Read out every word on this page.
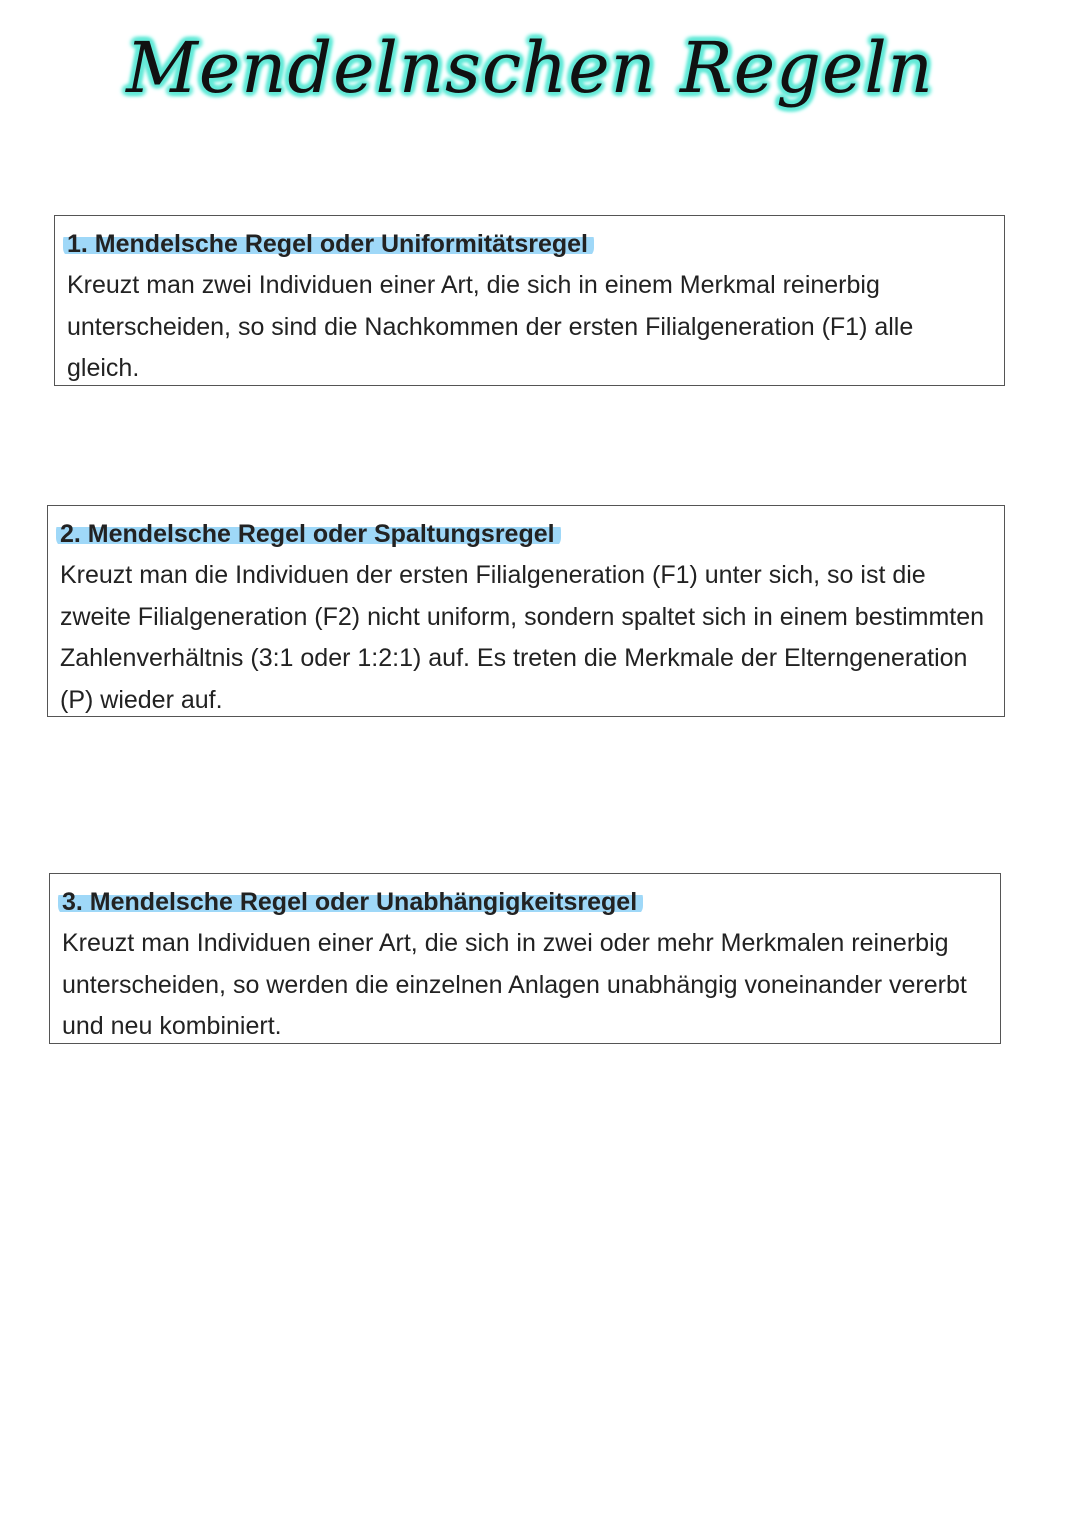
Mendelnschen Regeln
1. Mendelsche Regel oder Uniformitätsregel

Kreuzt man zwei Individuen einer Art, die sich in einem Merkmal reinerbig unterscheiden, so sind die Nachkommen der ersten Filialgeneration (F1) alle gleich.

2. Mendelsche Regel oder Spaltungsregel

Kreuzt man die Individuen der ersten Filialgeneration (F1) unter sich, so ist die zweite Filialgeneration (F2) nicht uniform, sondern spaltet sich in einem bestimmten Zahlenverhältnis (3:1 oder 1:2:1) auf. Es treten die Merkmale der Elterngeneration (P) wieder auf.

3. Mendelsche Regel oder Unabhängigkeitsregel

Kreuzt man Individuen einer Art, die sich in zwei oder mehr Merkmalen reinerbig unterscheiden, so werden die einzelnen Anlagen unabhängig voneinander vererbt und neu kombiniert.
